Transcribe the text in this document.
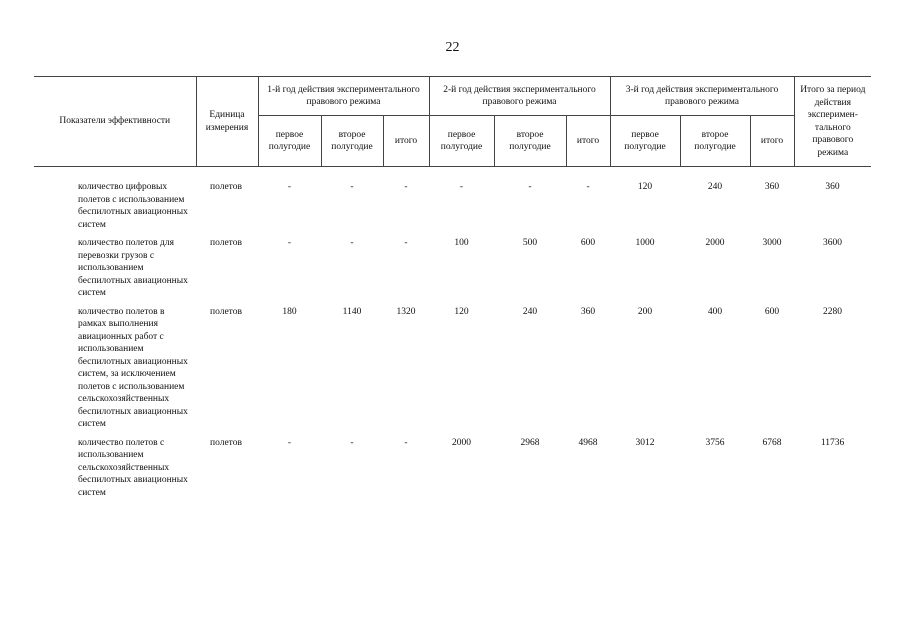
22
Показатели эффективности	Единица измерения	1-й год действия экспериментального правового режима			2-й год действия экспериментального правового режима			3-й год действия экспериментального правового режима			Итого за период действия эксперимен-тального правового режима
		первое полугодие	второе полугодие	итого	первое полугодие	второе полугодие	итого	первое полугодие	второе полугодие	итого	

количество цифровых полетов с использованием беспилотных авиационных систем	полетов	-	-	-	-	-	-	120	240	360	360
количество полетов для перевозки грузов с использованием беспилотных авиационных систем	полетов	-	-	-	100	500	600	1000	2000	3000	3600
количество полетов в рамках выполнения авиационных работ с использованием беспилотных авиационных систем, за исключением полетов с использованием сельскохозяйственных беспилотных авиационных систем	полетов	180	1140	1320	120	240	360	200	400	600	2280
количество полетов с использованием сельскохозяйственных беспилотных авиационных систем	полетов	-	-	-	2000	2968	4968	3012	3756	6768	11736
